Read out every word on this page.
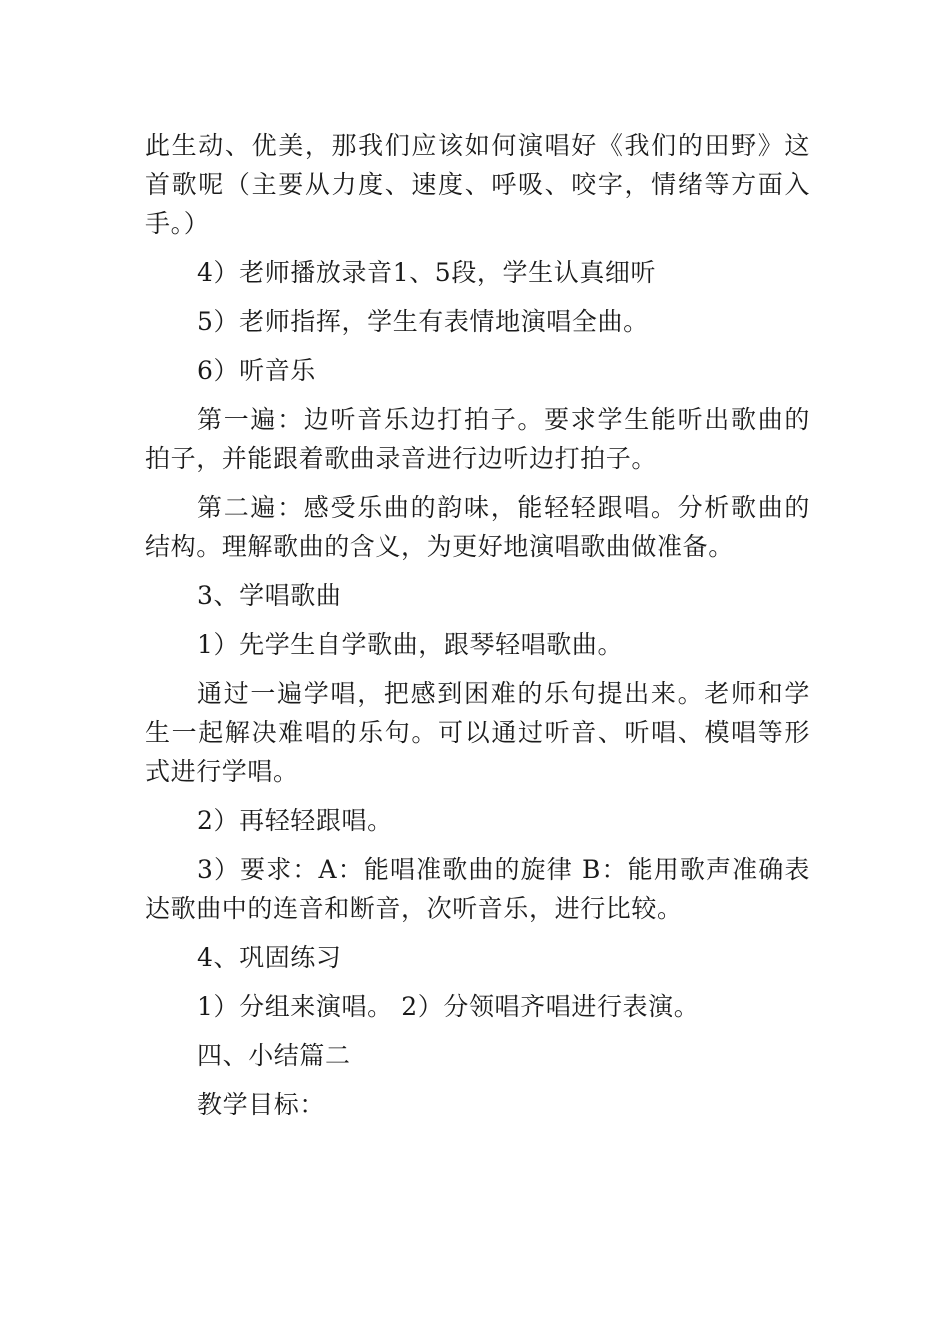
此生动、优美，那我们应该如何演唱好《我们的田野》这首歌呢（主要从力度、速度、呼吸、咬字，情绪等方面入手。）

4）老师播放录音1、5段，学生认真细听

5）老师指挥，学生有表情地演唱全曲。

6）听音乐

第一遍：边听音乐边打拍子。要求学生能听出歌曲的拍子，并能跟着歌曲录音进行边听边打拍子。

第二遍：感受乐曲的韵味，能轻轻跟唱。分析歌曲的结构。理解歌曲的含义，为更好地演唱歌曲做准备。

3、学唱歌曲

1）先学生自学歌曲，跟琴轻唱歌曲。

通过一遍学唱，把感到困难的乐句提出来。老师和学生一起解决难唱的乐句。可以通过听音、听唱、模唱等形式进行学唱。

2）再轻轻跟唱。

3）要求：A：能唱准歌曲的旋律 B：能用歌声准确表达歌曲中的连音和断音，次听音乐，进行比较。

4、巩固练习

1）分组来演唱。 2）分领唱齐唱进行表演。

四、小结篇二

教学目标：
